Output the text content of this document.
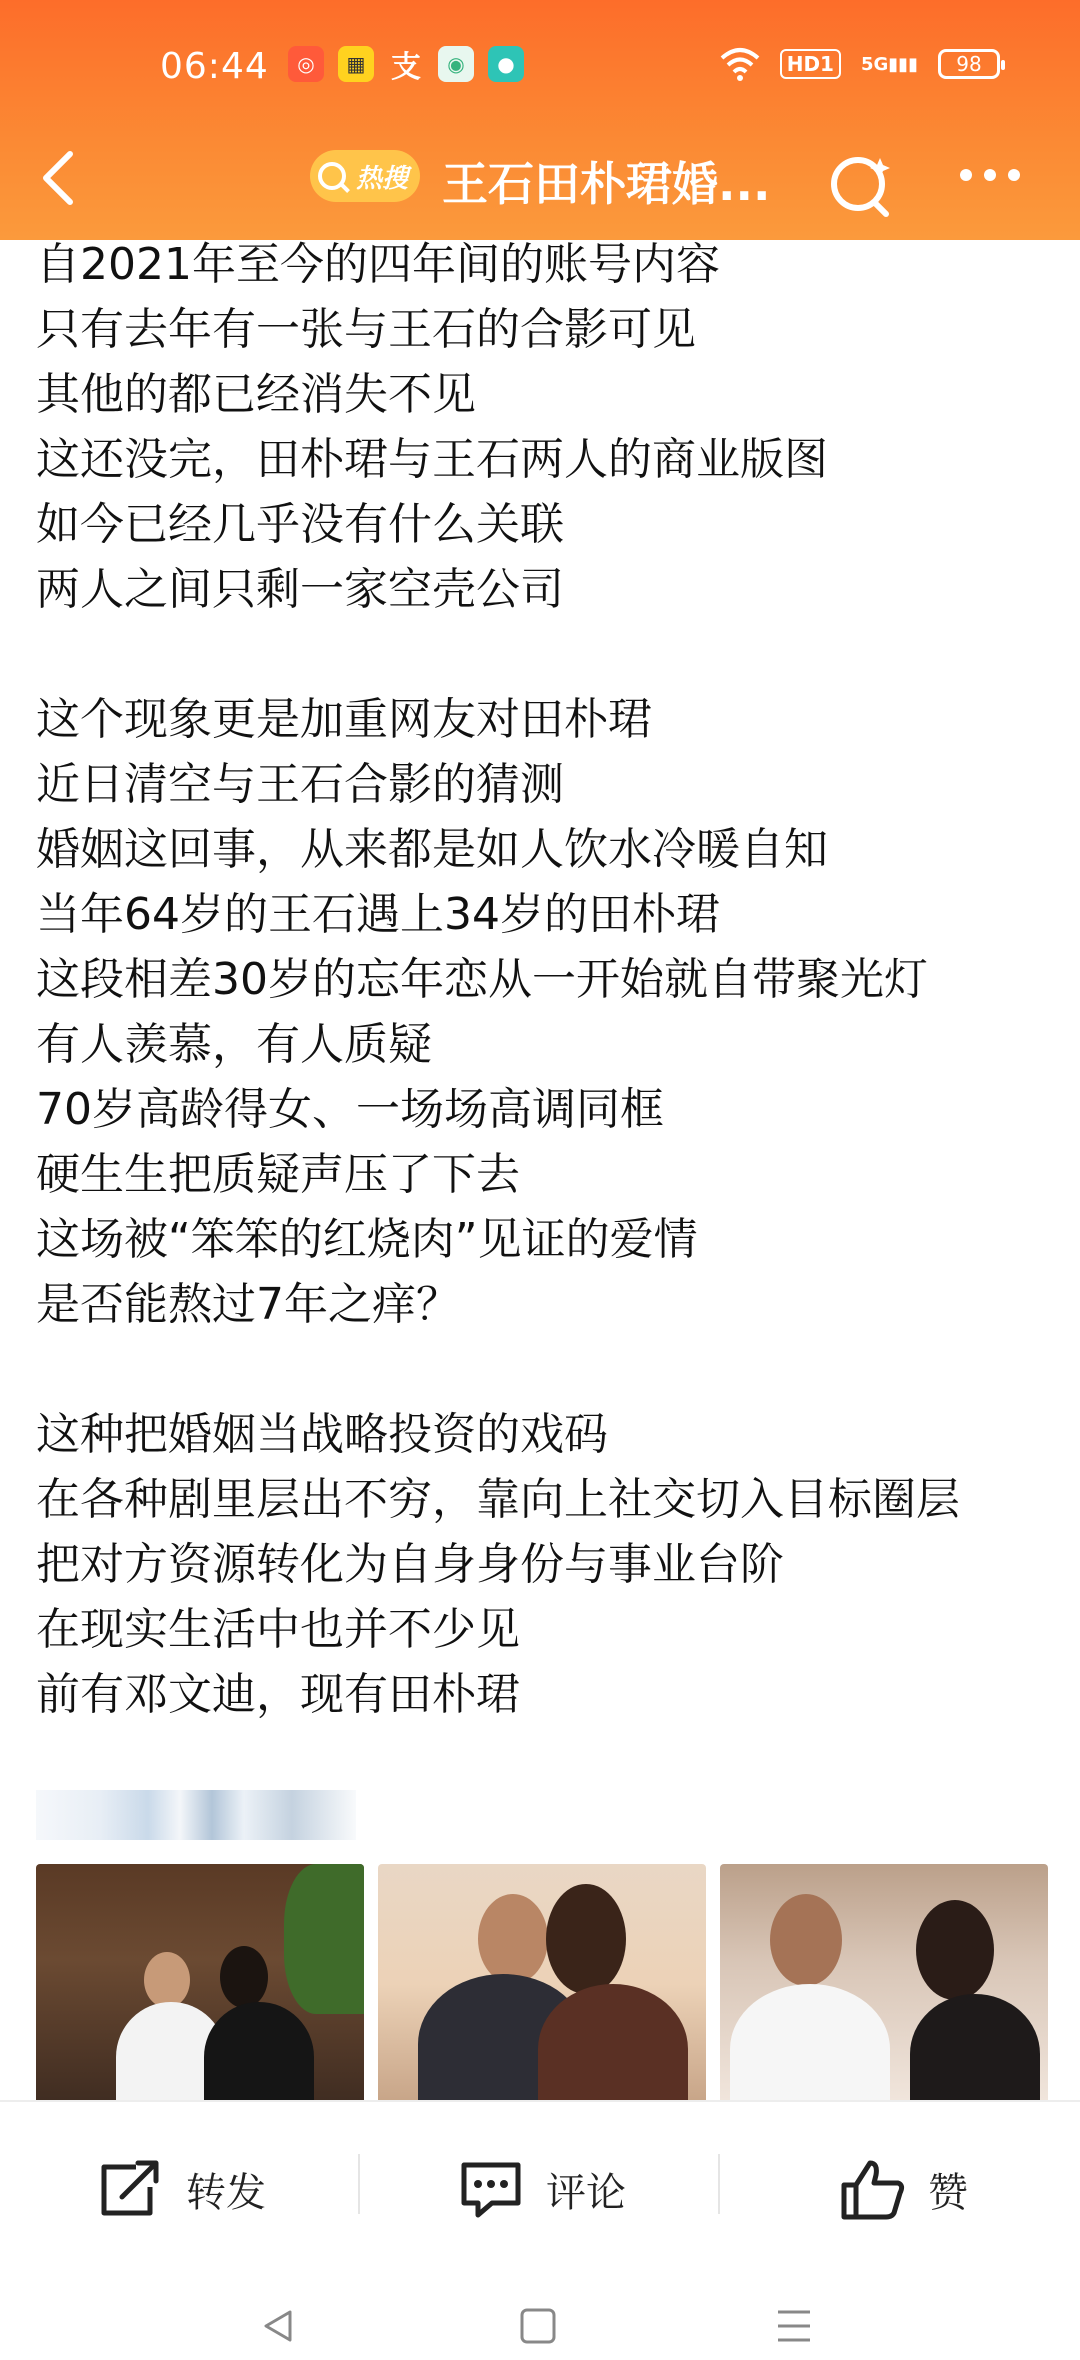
06:44	◎	▦ 支	◉	●	HD1	5G▮▮▮ 98
热搜 王石田朴珺婚...
自2021年至今的四年间的账号内容
只有去年有一张与王石的合影可见
其他的都已经消失不见
这还没完，田朴珺与王石两人的商业版图
如今已经几乎没有什么关联
两人之间只剩一家空壳公司
这个现象更是加重网友对田朴珺
近日清空与王石合影的猜测
婚姻这回事，从来都是如人饮水冷暖自知
当年64岁的王石遇上34岁的田朴珺
这段相差30岁的忘年恋从一开始就自带聚光灯
有人羡慕，有人质疑
70岁高龄得女、一场场高调同框
硬生生把质疑声压了下去
这场被“笨笨的红烧肉”见证的爱情
是否能熬过7年之痒？
这种把婚姻当战略投资的戏码
在各种剧里层出不穷，靠向上社交切入目标圈层
把对方资源转化为自身身份与事业台阶
在现实生活中也并不少见
前有邓文迪，现有田朴珺
转发	评论	赞
